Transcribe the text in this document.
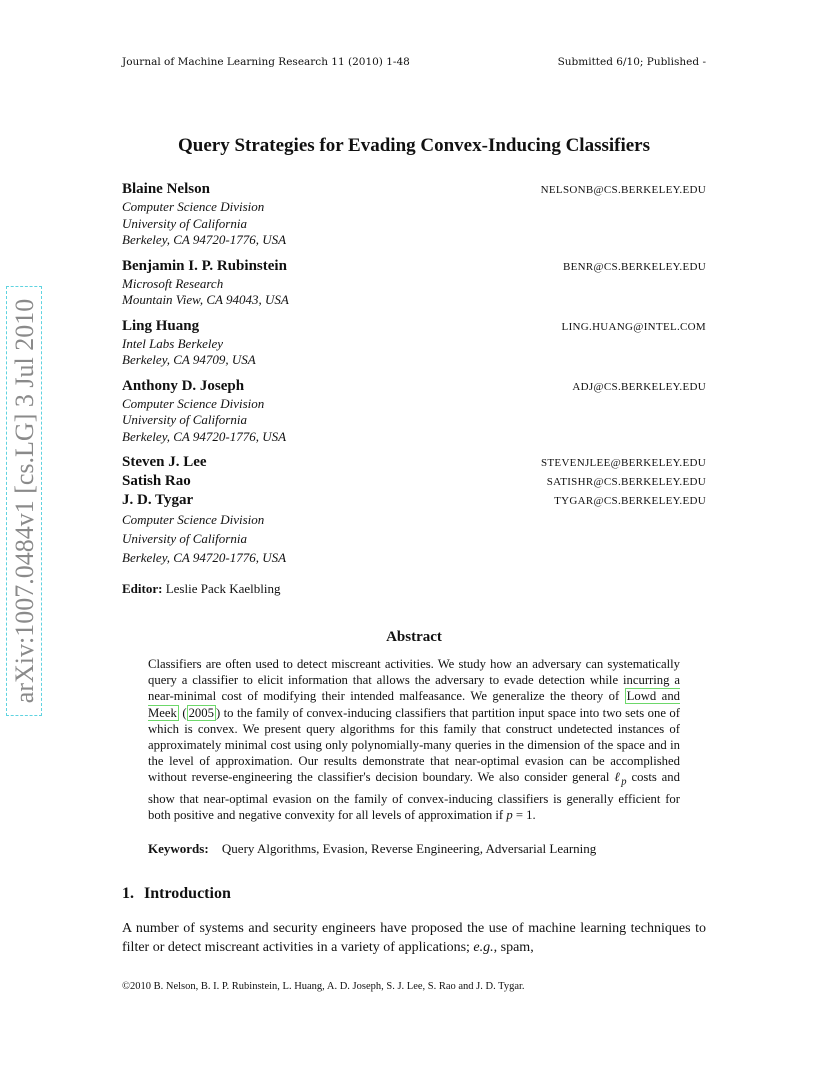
Journal of Machine Learning Research 11 (2010) 1-48	Submitted 6/10; Published -
arXiv:1007.0484v1 [cs.LG] 3 Jul 2010
Query Strategies for Evading Convex-Inducing Classifiers
Blaine Nelson	NELSONB@CS.BERKELEY.EDU
Computer Science Division
University of California
Berkeley, CA 94720-1776, USA
Benjamin I. P. Rubinstein	BENR@CS.BERKELEY.EDU
Microsoft Research
Mountain View, CA 94043, USA
Ling Huang	LING.HUANG@INTEL.COM
Intel Labs Berkeley
Berkeley, CA 94709, USA
Anthony D. Joseph	ADJ@CS.BERKELEY.EDU
Computer Science Division
University of California
Berkeley, CA 94720-1776, USA
Steven J. Lee	STEVENJLEE@BERKELEY.EDU
Satish Rao	SATISHR@CS.BERKELEY.EDU
J. D. Tygar	TYGAR@CS.BERKELEY.EDU
Computer Science Division
University of California
Berkeley, CA 94720-1776, USA
Editor: Leslie Pack Kaelbling
Abstract
Classifiers are often used to detect miscreant activities. We study how an adversary can systematically query a classifier to elicit information that allows the adversary to evade detection while incurring a near-minimal cost of modifying their intended malfeasance. We generalize the theory of Lowd and Meek ( 2005 ) to the family of convex-inducing classifiers that partition input space into two sets one of which is convex. We present query algorithms for this family that construct undetected instances of approximately minimal cost using only polynomially-many queries in the dimension of the space and in the level of approximation. Our results demonstrate that near-optimal evasion can be accomplished without reverse-engineering the classifier's decision boundary. We also consider general ℓ$_p$ costs and show that near-optimal evasion on the family of convex-inducing classifiers is generally efficient for both positive and negative convexity for all levels of approximation if p = 1.
Keywords: Query Algorithms, Evasion, Reverse Engineering, Adversarial Learning
1. Introduction
A number of systems and security engineers have proposed the use of machine learning techniques to filter or detect miscreant activities in a variety of applications; e.g., spam,
©2010 B. Nelson, B. I. P. Rubinstein, L. Huang, A. D. Joseph, S. J. Lee, S. Rao and J. D. Tygar.
